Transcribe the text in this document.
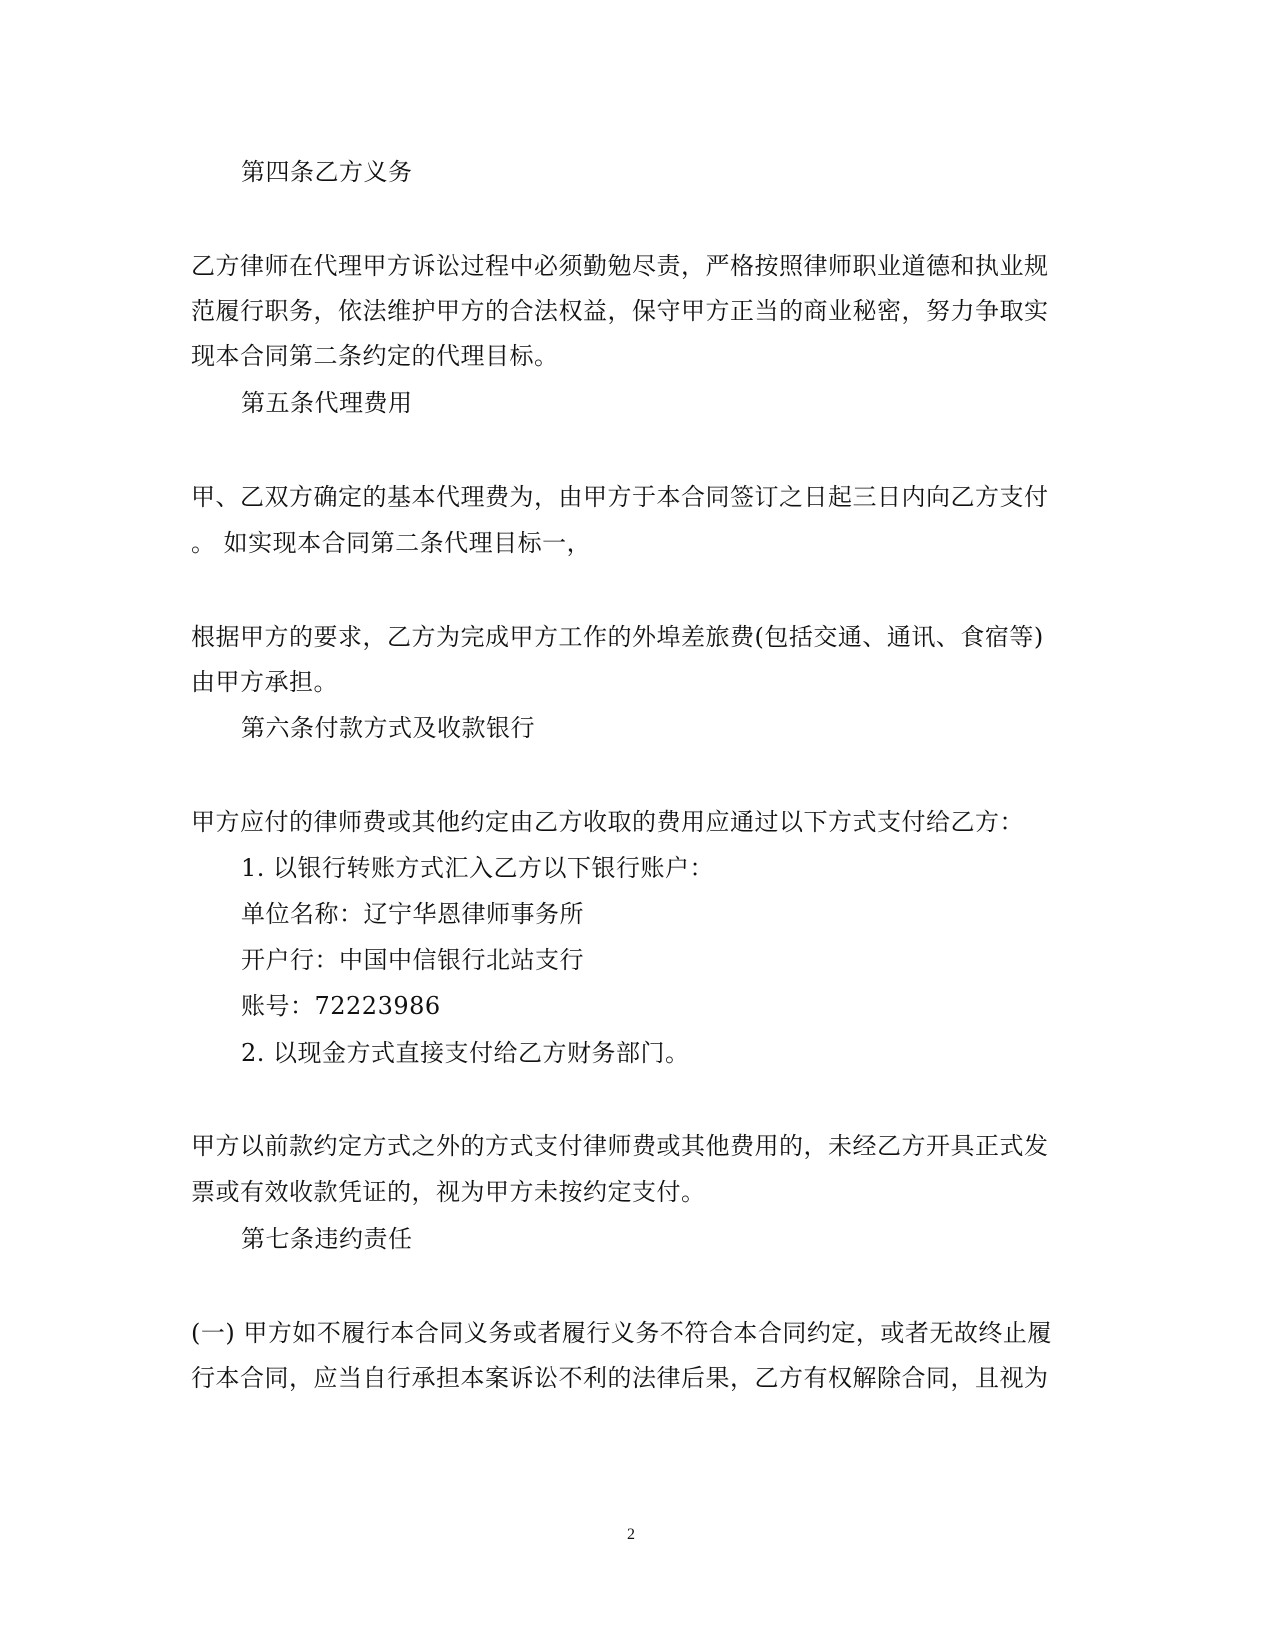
第四条乙方义务
乙方律师在代理甲方诉讼过程中必须勤勉尽责，严格按照律师职业道德和执业规
范履行职务，依法维护甲方的合法权益，保守甲方正当的商业秘密，努力争取实
现本合同第二条约定的代理目标。
第五条代理费用
甲、乙双方确定的基本代理费为，由甲方于本合同签订之日起三日内向乙方支付
。 如实现本合同第二条代理目标一，
根据甲方的要求，乙方为完成甲方工作的外埠差旅费(包括交通、通讯、食宿等)
由甲方承担。
第六条付款方式及收款银行
甲方应付的律师费或其他约定由乙方收取的费用应通过以下方式支付给乙方：
1. 以银行转账方式汇入乙方以下银行账户：
单位名称：辽宁华恩律师事务所
开户行：中国中信银行北站支行
账号：72223986
2. 以现金方式直接支付给乙方财务部门。
甲方以前款约定方式之外的方式支付律师费或其他费用的，未经乙方开具正式发
票或有效收款凭证的，视为甲方未按约定支付。
第七条违约责任
(一) 甲方如不履行本合同义务或者履行义务不符合本合同约定，或者无故终止履
行本合同，应当自行承担本案诉讼不利的法律后果，乙方有权解除合同，且视为
2
